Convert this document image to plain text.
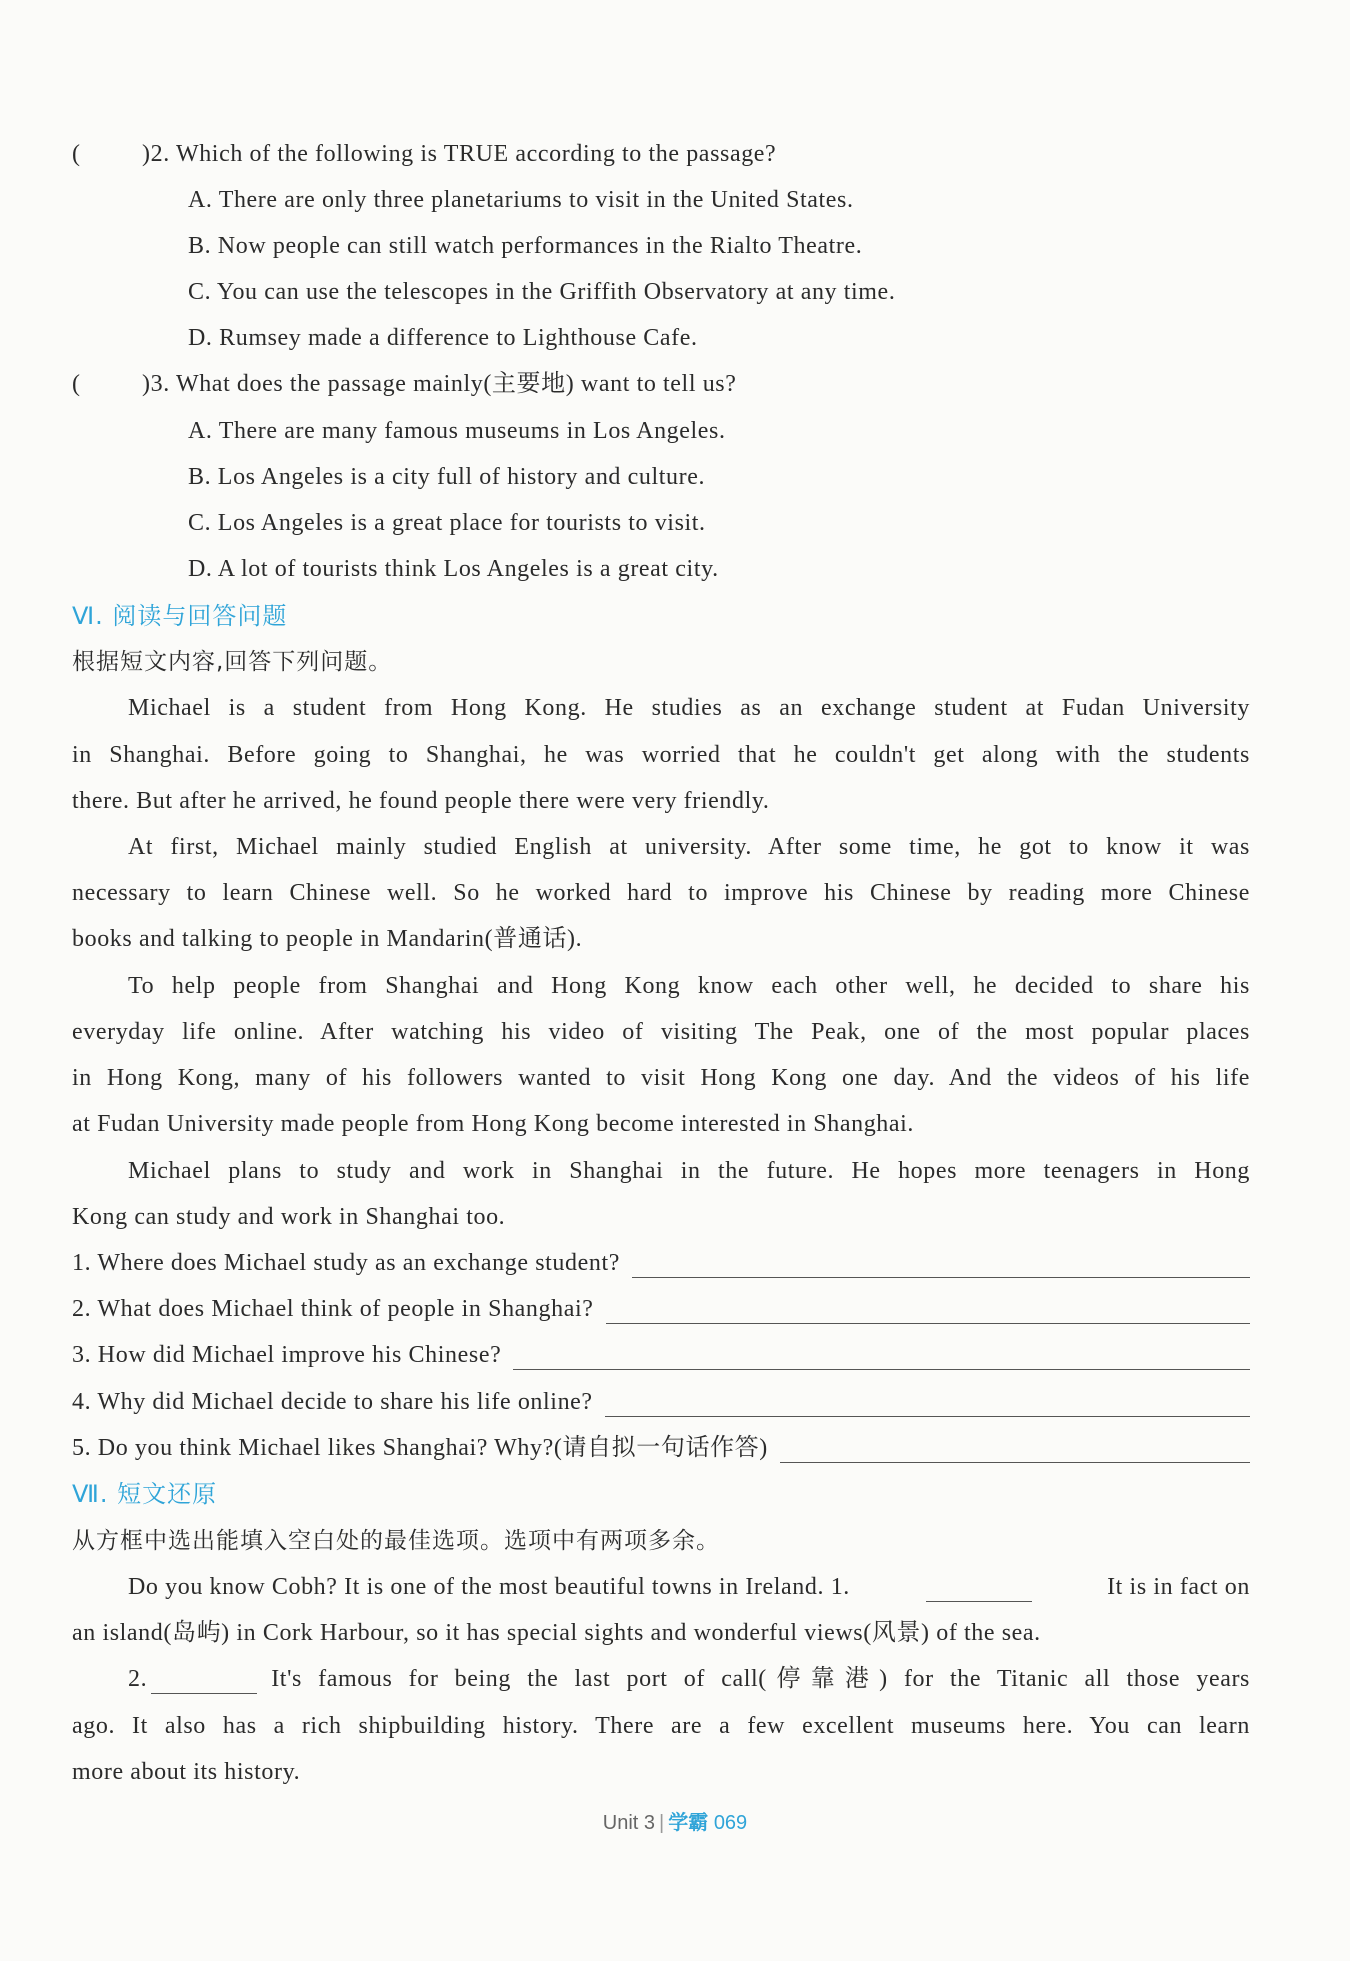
(	)2. Which of the following is TRUE according to the passage?
A. There are only three planetariums to visit in the United States.
B. Now people can still watch performances in the Rialto Theatre.
C. You can use the telescopes in the Griffith Observatory at any time.
D. Rumsey made a difference to Lighthouse Cafe.
(	)3. What does the passage mainly(主要地) want to tell us?
A. There are many famous museums in Los Angeles.
B. Los Angeles is a city full of history and culture.
C. Los Angeles is a great place for tourists to visit.
D. A lot of tourists think Los Angeles is a great city.
Ⅵ. 阅读与回答问题
根据短文内容,回答下列问题。
Michael is a student from Hong Kong. He studies as an exchange student at Fudan University
in Shanghai. Before going to Shanghai, he was worried that he couldn't get along with the students
there. But after he arrived, he found people there were very friendly.
At first, Michael mainly studied English at university. After some time, he got to know it was
necessary to learn Chinese well. So he worked hard to improve his Chinese by reading more Chinese
books and talking to people in Mandarin(普通话).
To help people from Shanghai and Hong Kong know each other well, he decided to share his
everyday life online. After watching his video of visiting The Peak, one of the most popular places
in Hong Kong, many of his followers wanted to visit Hong Kong one day. And the videos of his life
at Fudan University made people from Hong Kong become interested in Shanghai.
Michael plans to study and work in Shanghai in the future. He hopes more teenagers in Hong
Kong can study and work in Shanghai too.
1. Where does Michael study as an exchange student?
2. What does Michael think of people in Shanghai?
3. How did Michael improve his Chinese?
4. Why did Michael decide to share his life online?
5. Do you think Michael likes Shanghai? Why?(请自拟一句话作答)
Ⅶ. 短文还原
从方框中选出能填入空白处的最佳选项。选项中有两项多余。
Do you know Cobh? It is one of the most beautiful towns in Ireland. 1.	It is in fact on
an island(岛屿) in Cork Harbour, so it has special sights and wonderful views(风景) of the sea.
2.	It's famous for being the last port of call(停靠港) for the Titanic all those years
ago. It also has a rich shipbuilding history. There are a few excellent museums here. You can learn
more about its history.
Unit 3 | 学霸 069
